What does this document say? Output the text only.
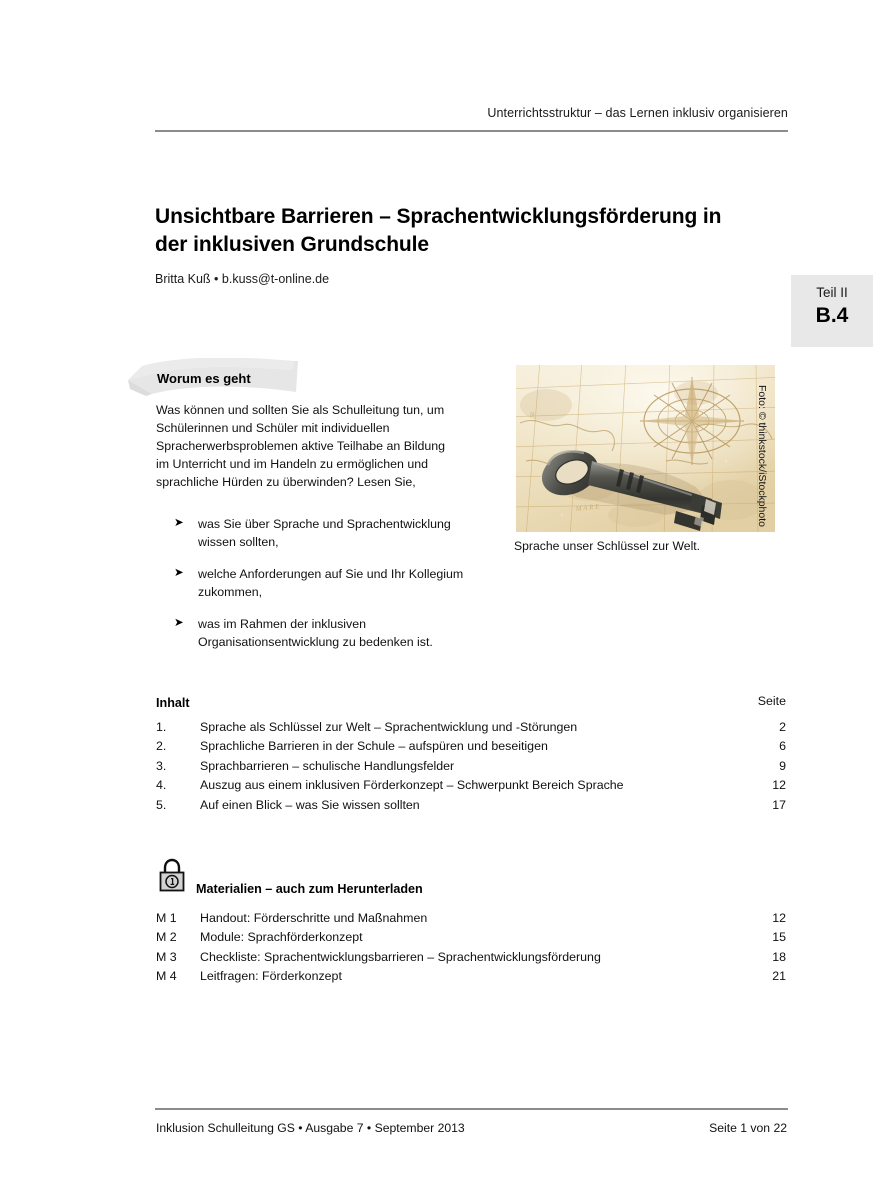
Unterrichtsstruktur – das Lernen inklusiv organisieren
Unsichtbare Barrieren – Sprachentwicklungsförderung in der inklusiven Grundschule
Britta Kuß • b.kuss@t-online.de
Teil II
B.4
Worum es geht
Was können und sollten Sie als Schulleitung tun, um Schülerinnen und Schüler mit individuellen Spracherwerbsproblemen aktive Teilhabe an Bildung im Unterricht und im Handeln zu ermöglichen und sprachliche Hürden zu überwinden? Lesen Sie,
➤	was Sie über Sprache und Sprachentwicklung wissen sollten,
➤	welche Anforderungen auf Sie und Ihr Kollegium zukommen,
➤	was im Rahmen der inklusiven Organisationsentwicklung zu bedenken ist.
N
M A R E
Sprache unser Schlüssel zur Welt.
Foto: © thinkstock/iStockphoto
Inhalt	Seite
1.	Sprache als Schlüssel zur Welt – Sprachentwicklung und -Störungen	2
2.	Sprachliche Barrieren in der Schule – aufspüren und beseitigen	6
3.	Sprachbarrieren – schulische Handlungsfelder	9
4.	Auszug aus einem inklusiven Förderkonzept – Schwerpunkt Bereich Sprache	12
5.	Auf einen Blick – was Sie wissen sollten	17
Materialien – auch zum Herunterladen
M 1	Handout: Förderschritte und Maßnahmen	12
M 2	Module: Sprachförderkonzept	15
M 3	Checkliste: Sprachentwicklungsbarrieren – Sprachentwicklungsförderung	18
M 4	Leitfragen: Förderkonzept	21
Inklusion Schulleitung GS • Ausgabe 7 • September 2013	Seite 1 von 22
